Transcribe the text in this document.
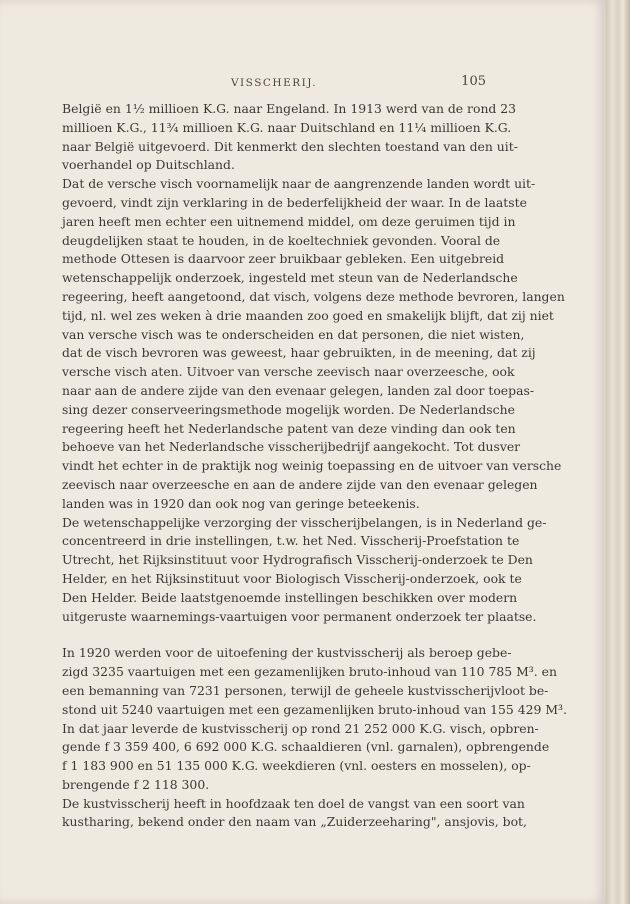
VISSCHERIJ.	105
België en 1½ millioen K.G. naar Engeland. In 1913 werd van de rond 23
millioen K.G., 11¾ millioen K.G. naar Duitschland en 11¼ millioen K.G.
naar België uitgevoerd. Dit kenmerkt den slechten toestand van den uit-
voerhandel op Duitschland.
Dat de versche visch voornamelijk naar de aangrenzende landen wordt uit-
gevoerd, vindt zijn verklaring in de bederfelijkheid der waar. In de laatste
jaren heeft men echter een uitnemend middel, om deze geruimen tijd in
deugdelijken staat te houden, in de koeltechniek gevonden. Vooral de
methode Ottesen is daarvoor zeer bruikbaar gebleken. Een uitgebreid
wetenschappelijk onderzoek, ingesteld met steun van de Nederlandsche
regeering, heeft aangetoond, dat visch, volgens deze methode bevroren, langen
tijd, nl. wel zes weken à drie maanden zoo goed en smakelijk blijft, dat zij niet
van versche visch was te onderscheiden en dat personen, die niet wisten,
dat de visch bevroren was geweest, haar gebruikten, in de meening, dat zij
versche visch aten. Uitvoer van versche zeevisch naar overzeesche, ook
naar aan de andere zijde van den evenaar gelegen, landen zal door toepas-
sing dezer conserveeringsmethode mogelijk worden. De Nederlandsche
regeering heeft het Nederlandsche patent van deze vinding dan ook ten
behoeve van het Nederlandsche visscherijbedrijf aangekocht. Tot dusver
vindt het echter in de praktijk nog weinig toepassing en de uitvoer van versche
zeevisch naar overzeesche en aan de andere zijde van den evenaar gelegen
landen was in 1920 dan ook nog van geringe beteekenis.
De wetenschappelijke verzorging der visscherijbelangen, is in Nederland ge-
concentreerd in drie instellingen, t.w. het Ned. Visscherij-Proefstation te
Utrecht, het Rijksinstituut voor Hydrografisch Visscherij-onderzoek te Den
Helder, en het Rijksinstituut voor Biologisch Visscherij-onderzoek, ook te
Den Helder. Beide laatstgenoemde instellingen beschikken over modern
uitgeruste waarnemings-vaartuigen voor permanent onderzoek ter plaatse.
In 1920 werden voor de uitoefening der kustvisscherij als beroep gebe-
zigd 3235 vaartuigen met een gezamenlijken bruto-inhoud van 110 785 M³. en
een bemanning van 7231 personen, terwijl de geheele kustvisscherijvloot be-
stond uit 5240 vaartuigen met een gezamenlijken bruto-inhoud van 155 429 M³.
In dat jaar leverde de kustvisscherij op rond 21 252 000 K.G. visch, opbren-
gende f 3 359 400, 6 692 000 K.G. schaaldieren (vnl. garnalen), opbrengende
f 1 183 900 en 51 135 000 K.G. weekdieren (vnl. oesters en mosselen), op-
brengende f 2 118 300.
De kustvisscherij heeft in hoofdzaak ten doel de vangst van een soort van
kustharing, bekend onder den naam van „Zuiderzeeharing", ansjovis, bot,
